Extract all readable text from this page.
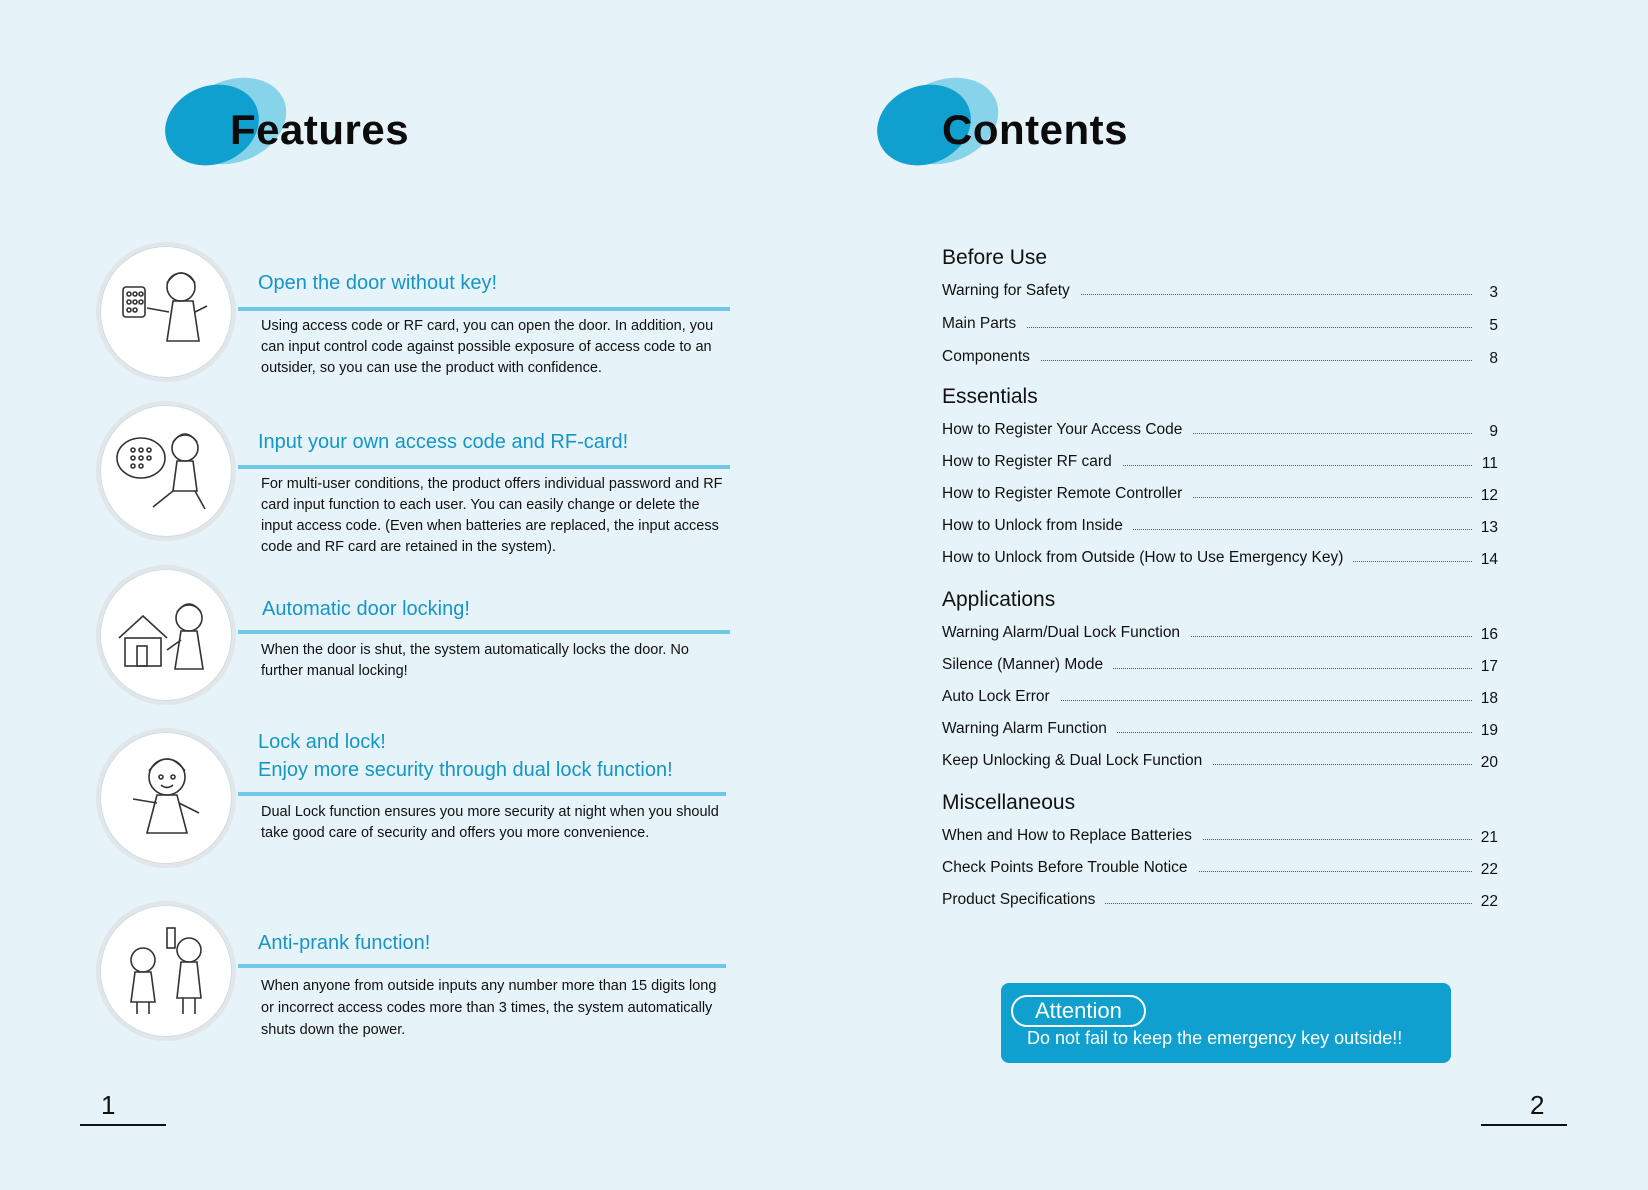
Features
Open the door without key!
Using access code or RF card, you can open the door. In addition, you can input control code against possible exposure of access code to an outsider, so you can use the product with confidence.
Input your own access code and RF-card!
For multi-user conditions, the product offers individual password and RF card input function to each user. You can easily change or delete the input access code. (Even when batteries are replaced, the input access code and RF card are retained in the system).
Automatic door locking!
When the door is shut, the system automatically locks the door. No further manual locking!
Lock and lock!
Enjoy more security through dual lock function!
Dual Lock function ensures you more security at night when you should take good care of security and offers you more convenience.
Anti-prank function!
When anyone from outside inputs any number more than 15 digits long or incorrect access codes more than 3 times, the system automatically shuts down the power.
1
Contents
Before Use
Warning for Safety	3
Main Parts	5
Components	8
Essentials
How to Register Your Access Code	9
How to Register RF card	11
How to Register Remote Controller	12
How to Unlock from Inside	13
How to Unlock from Outside (How to Use Emergency Key)	14
Applications
Warning Alarm/Dual Lock Function	16
Silence (Manner) Mode	17
Auto Lock Error	18
Warning Alarm Function	19
Keep Unlocking & Dual Lock Function	20
Miscellaneous
When and How to Replace Batteries	21
Check Points Before Trouble Notice	22
Product Specifications	22
Attention
Do not fail to keep the emergency key outside!!
2
